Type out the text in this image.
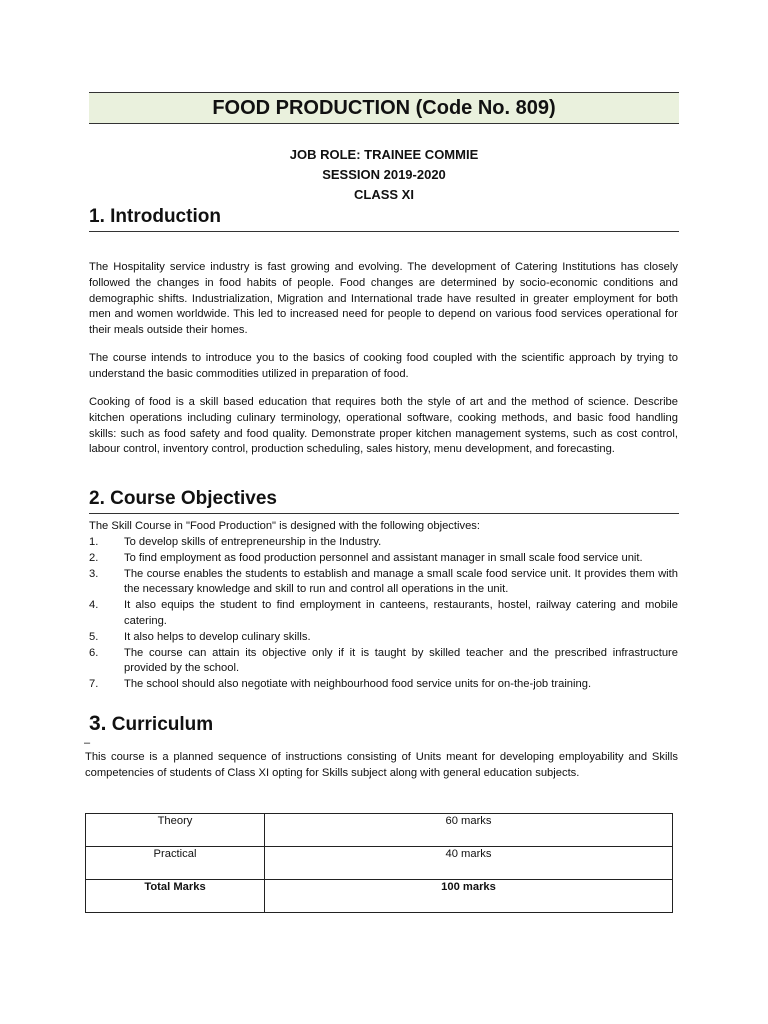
FOOD PRODUCTION (Code No. 809)
JOB ROLE: TRAINEE COMMIE
SESSION 2019-2020
CLASS XI
1. Introduction

The Hospitality service industry is fast growing and evolving. The development of Catering Institutions has closely followed the changes in food habits of people. Food changes are determined by socio-economic conditions and demographic shifts. Industrialization, Migration and International trade have resulted in greater employment for both men and women worldwide. This led to increased need for people to depend on various food services operational for their meals outside their homes.

The course intends to introduce you to the basics of cooking food coupled with the scientific approach by trying to understand the basic commodities utilized in preparation of food.

Cooking of food is a skill based education that requires both the style of art and the method of science. Describe kitchen operations including culinary terminology, operational software, cooking methods, and basic food handling skills: such as food safety and food quality. Demonstrate proper kitchen management systems, such as cost control, labour control, inventory control, production scheduling, sales history, menu development, and forecasting.

2. Course Objectives

The Skill Course in "Food Production" is designed with the following objectives:

1.	To develop skills of entrepreneurship in the Industry.
2.	To find employment as food production personnel and assistant manager in small scale food service unit.
3.	The course enables the students to establish and manage a small scale food service unit. It provides them with the necessary knowledge and skill to run and control all operations in the unit.
4.	It also equips the student to find employment in canteens, restaurants, hostel, railway catering and mobile catering.
5.	It also helps to develop culinary skills.
6.	The course can attain its objective only if it is taught by skilled teacher and the prescribed infrastructure provided by the school.
7.	The school should also negotiate with neighbourhood food service units for on-the-job training.
3. Curriculum
–

This course is a planned sequence of instructions consisting of Units meant for developing employability and Skills competencies of students of Class XI opting for Skills subject along with general education subjects.

Theory	60 marks
Practical	40 marks
Total Marks	100 marks
